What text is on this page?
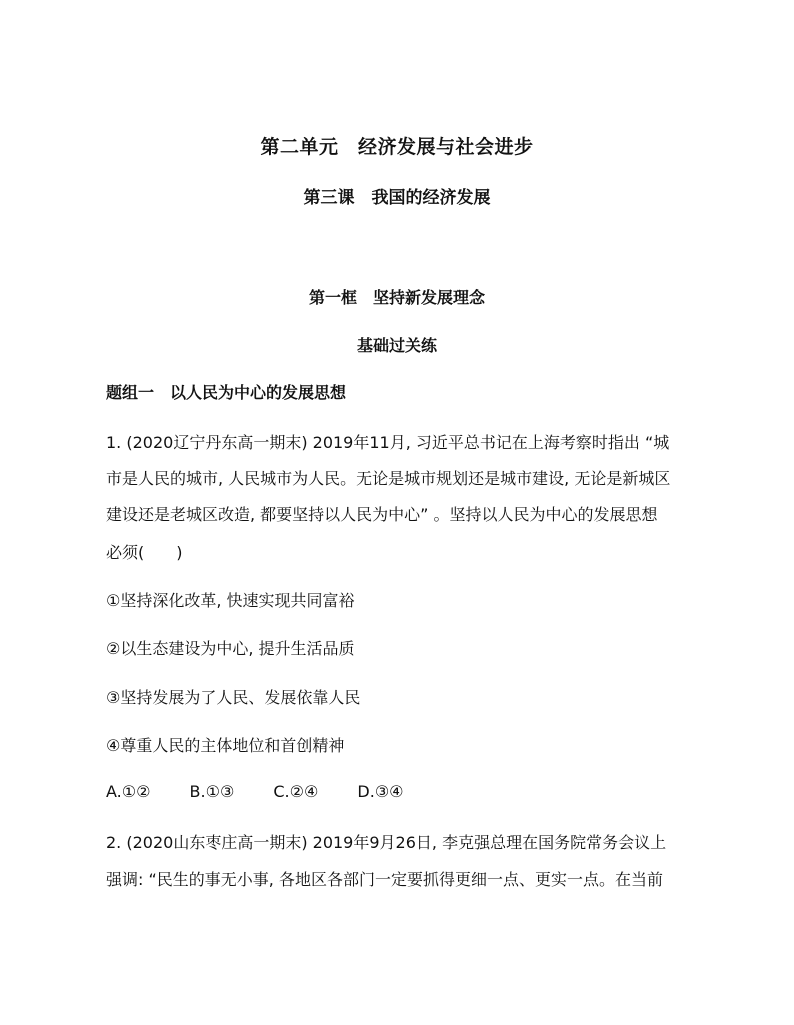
第二单元　经济发展与社会进步
第三课　我国的经济发展
第一框　坚持新发展理念
基础过关练
题组一　以人民为中心的发展思想
1. (2020辽宁丹东高一期末) 2019年11月, 习近平总书记在上海考察时指出 “城
市是人民的城市, 人民城市为人民。无论是城市规划还是城市建设, 无论是新城区
建设还是老城区改造, 都要坚持以人民为中心” 。坚持以人民为中心的发展思想
必须(　　)
①坚持深化改革, 快速实现共同富裕
②以生态建设为中心, 提升生活品质
③坚持发展为了人民、发展依靠人民
④尊重人民的主体地位和首创精神
A.①② B.①③ C.②④ D.③④
2. (2020山东枣庄高一期末) 2019年9月26日, 李克强总理在国务院常务会议上
强调: “民生的事无小事, 各地区各部门一定要抓得更细一点、更实一点。在当前
